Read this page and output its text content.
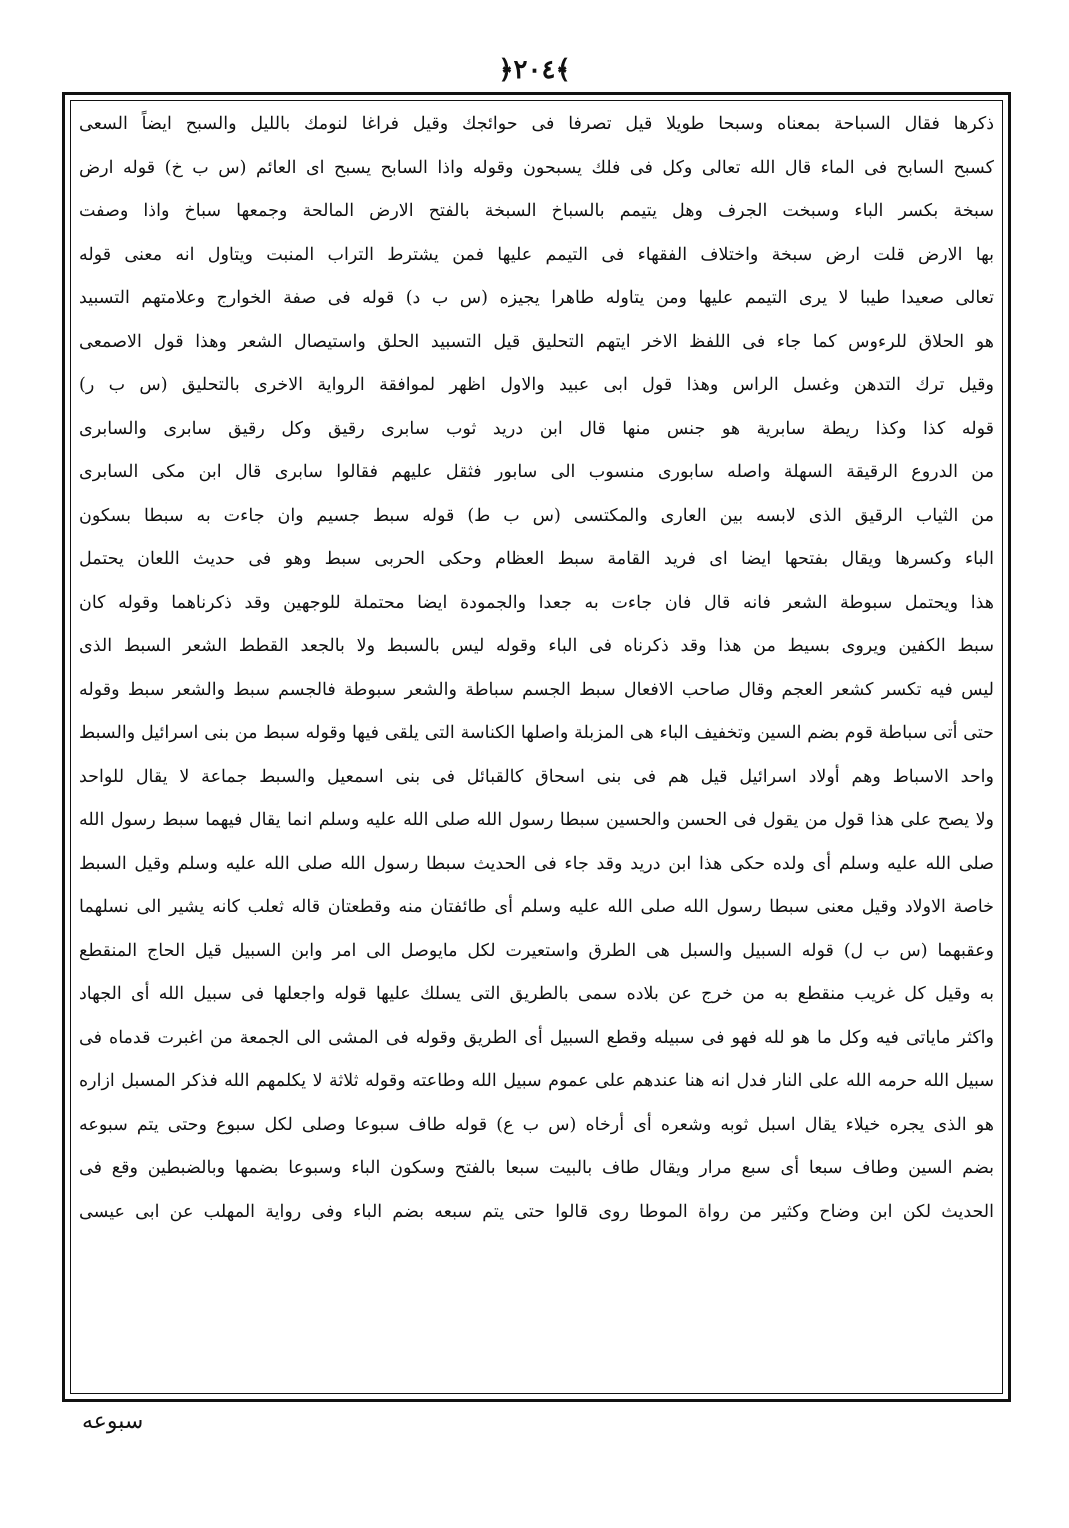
﴿٢٠٤﴾
ذكرها فقال السباحة بمعناه وسبحا طويلا قيل تصرفا فى حوائجك وقيل فراغا لنومك بالليل والسبح ايضاً السعى
كسبح السابح فى الماء قال الله تعالى وكل فى فلك يسبحون وقوله واذا السابح يسبح اى العائم (س ب خ) قوله ارض
سبخة بكسر الباء وسبخت الجرف وهل يتيمم بالسباخ السبخة بالفتح الارض المالحة وجمعها سباخ واذا وصفت
بها الارض قلت ارض سبخة واختلاف الفقهاء فى التيمم عليها فمن يشترط التراب المنبت ويتاول انه معنى قوله
تعالى صعيدا طيبا لا يرى التيمم عليها ومن يتاوله طاهرا يجيزه (س ب د) قوله فى صفة الخوارج وعلامتهم التسبيد
هو الحلاق للرءوس كما جاء فى اللفظ الاخر ايتهم التحليق قيل التسبيد الحلق واستيصال الشعر وهذا قول الاصمعى
وقيل ترك التدهن وغسل الراس وهذا قول ابى عبيد والاول اظهر لموافقة الرواية الاخرى بالتحليق (س ب ر)
قوله كذا وكذا ريطة سابرية هو جنس منها قال ابن دريد ثوب سابرى رقيق وكل رقيق سابرى والسابرى
من الدروع الرقيقة السهلة واصله سابورى منسوب الى سابور فثقل عليهم فقالوا سابرى قال ابن مكى السابرى
من الثياب الرقيق الذى لابسه بين العارى والمكتسى (س ب ط) قوله سبط جسيم وان جاءت به سبطا بسكون
الباء وكسرها ويقال بفتحها ايضا اى فريد القامة سبط العظام وحكى الحربى سبط وهو فى حديث اللعان يحتمل
هذا ويحتمل سبوطة الشعر فانه قال فان جاءت به جعدا والجمودة ايضا محتملة للوجهين وقد ذكرناهما وقوله كان
سبط الكفين ويروى بسيط من هذا وقد ذكرناه فى الباء وقوله ليس بالسبط ولا بالجعد القطط الشعر السبط الذى
ليس فيه تكسر كشعر العجم وقال صاحب الافعال سبط الجسم سباطة والشعر سبوطة فالجسم سبط والشعر سبط وقوله
حتى أتى سباطة قوم بضم السين وتخفيف الباء هى المزبلة واصلها الكناسة التى يلقى فيها وقوله سبط من بنى اسرائيل والسبط
واحد الاسباط وهم أولاد اسرائيل قيل هم فى بنى اسحاق كالقبائل فى بنى اسمعيل والسبط جماعة لا يقال للواحد
ولا يصح على هذا قول من يقول فى الحسن والحسين سبطا رسول الله صلى الله عليه وسلم انما يقال فيهما سبط رسول الله
صلى الله عليه وسلم أى ولده حكى هذا ابن دريد وقد جاء فى الحديث سبطا رسول الله صلى الله عليه وسلم وقيل السبط
خاصة الاولاد وقيل معنى سبطا رسول الله صلى الله عليه وسلم أى طائفتان منه وقطعتان قاله ثعلب كانه يشير الى نسلهما
وعقبهما (س ب ل) قوله السبيل والسبل هى الطرق واستعيرت لكل مايوصل الى امر وابن السبيل قيل الحاج المنقطع
به وقيل كل غريب منقطع به من خرج عن بلاده سمى بالطريق التى يسلك عليها قوله واجعلها فى سبيل الله أى الجهاد
واكثر ماياتى فيه وكل ما هو لله فهو فى سبيله وقطع السبيل أى الطريق وقوله فى المشى الى الجمعة من اغبرت قدماه فى
سبيل الله حرمه الله على النار فدل انه هنا عندهم على عموم سبيل الله وطاعته وقوله ثلاثة لا يكلمهم الله فذكر المسبل ازاره
هو الذى يجره خيلاء يقال اسبل ثوبه وشعره أى أرخاه (س ب ع) قوله طاف سبوعا وصلى لكل سبوع وحتى يتم سبوعه
بضم السين وطاف سبعا أى سبع مرار ويقال طاف بالبيت سبعا بالفتح وسكون الباء وسبوعا بضمها وبالضبطين وقع فى
الحديث لكن ابن وضاح وكثير من رواة الموطا روى قالوا حتى يتم سبعه بضم الباء وفى رواية المهلب عن ابى عيسى
سبوعه
